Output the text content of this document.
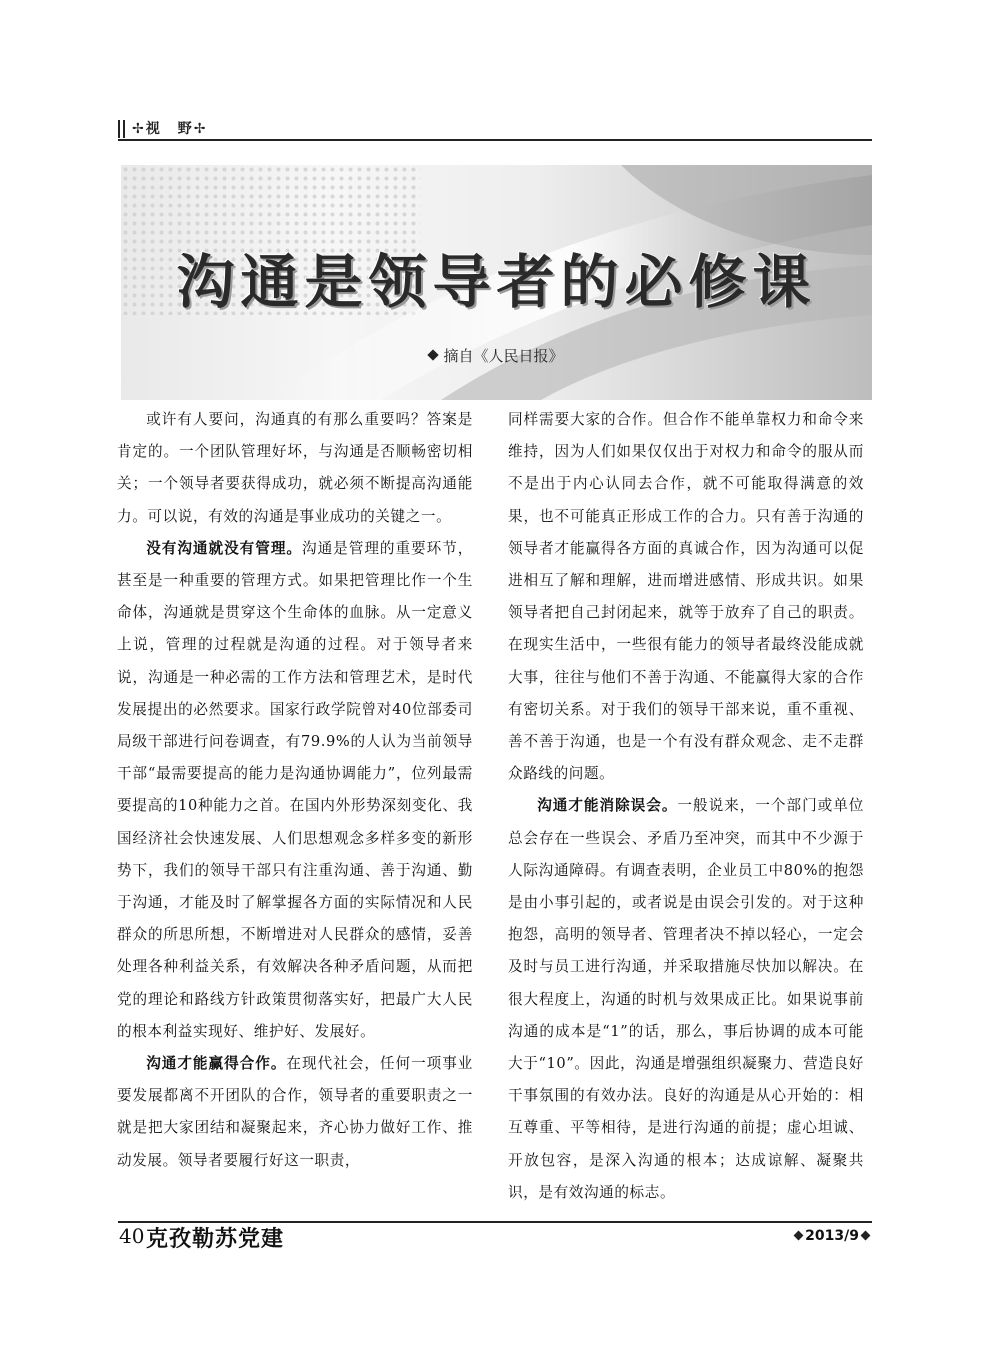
✢视　野✢
沟通是领导者的必修课
摘自《人民日报》

或许有人要问，沟通真的有那么重要吗？答案是肯定的。一个团队管理好坏，与沟通是否顺畅密切相关；一个领导者要获得成功，就必须不断提高沟通能力。可以说，有效的沟通是事业成功的关键之一。

没有沟通就没有管理。沟通是管理的重要环节，甚至是一种重要的管理方式。如果把管理比作一个生命体，沟通就是贯穿这个生命体的血脉。从一定意义上说，管理的过程就是沟通的过程。对于领导者来说，沟通是一种必需的工作方法和管理艺术，是时代发展提出的必然要求。国家行政学院曾对40位部委司局级干部进行问卷调查，有79.9%的人认为当前领导干部“最需要提高的能力是沟通协调能力”，位列最需要提高的10种能力之首。在国内外形势深刻变化、我国经济社会快速发展、人们思想观念多样多变的新形势下，我们的领导干部只有注重沟通、善于沟通、勤于沟通，才能及时了解掌握各方面的实际情况和人民群众的所思所想，不断增进对人民群众的感情，妥善处理各种利益关系，有效解决各种矛盾问题，从而把党的理论和路线方针政策贯彻落实好，把最广大人民的根本利益实现好、维护好、发展好。

沟通才能赢得合作。在现代社会，任何一项事业要发展都离不开团队的合作，领导者的重要职责之一就是把大家团结和凝聚起来，齐心协力做好工作、推动发展。领导者要履行好这一职责，

同样需要大家的合作。但合作不能单靠权力和命令来维持，因为人们如果仅仅出于对权力和命令的服从而不是出于内心认同去合作，就不可能取得满意的效果，也不可能真正形成工作的合力。只有善于沟通的领导者才能赢得各方面的真诚合作，因为沟通可以促进相互了解和理解，进而增进感情、形成共识。如果领导者把自己封闭起来，就等于放弃了自己的职责。在现实生活中，一些很有能力的领导者最终没能成就大事，往往与他们不善于沟通、不能赢得大家的合作有密切关系。对于我们的领导干部来说，重不重视、善不善于沟通，也是一个有没有群众观念、走不走群众路线的问题。

沟通才能消除误会。一般说来，一个部门或单位总会存在一些误会、矛盾乃至冲突，而其中不少源于人际沟通障碍。有调查表明，企业员工中80%的抱怨是由小事引起的，或者说是由误会引发的。对于这种抱怨，高明的领导者、管理者决不掉以轻心，一定会及时与员工进行沟通，并采取措施尽快加以解决。在很大程度上，沟通的时机与效果成正比。如果说事前沟通的成本是“1”的话，那么，事后协调的成本可能大于“10”。因此，沟通是增强组织凝聚力、营造良好干事氛围的有效办法。良好的沟通是从心开始的：相互尊重、平等相待，是进行沟通的前提；虚心坦诚、开放包容，是深入沟通的根本；达成谅解、凝聚共识，是有效沟通的标志。

40 克孜勒苏党建	2013/9
